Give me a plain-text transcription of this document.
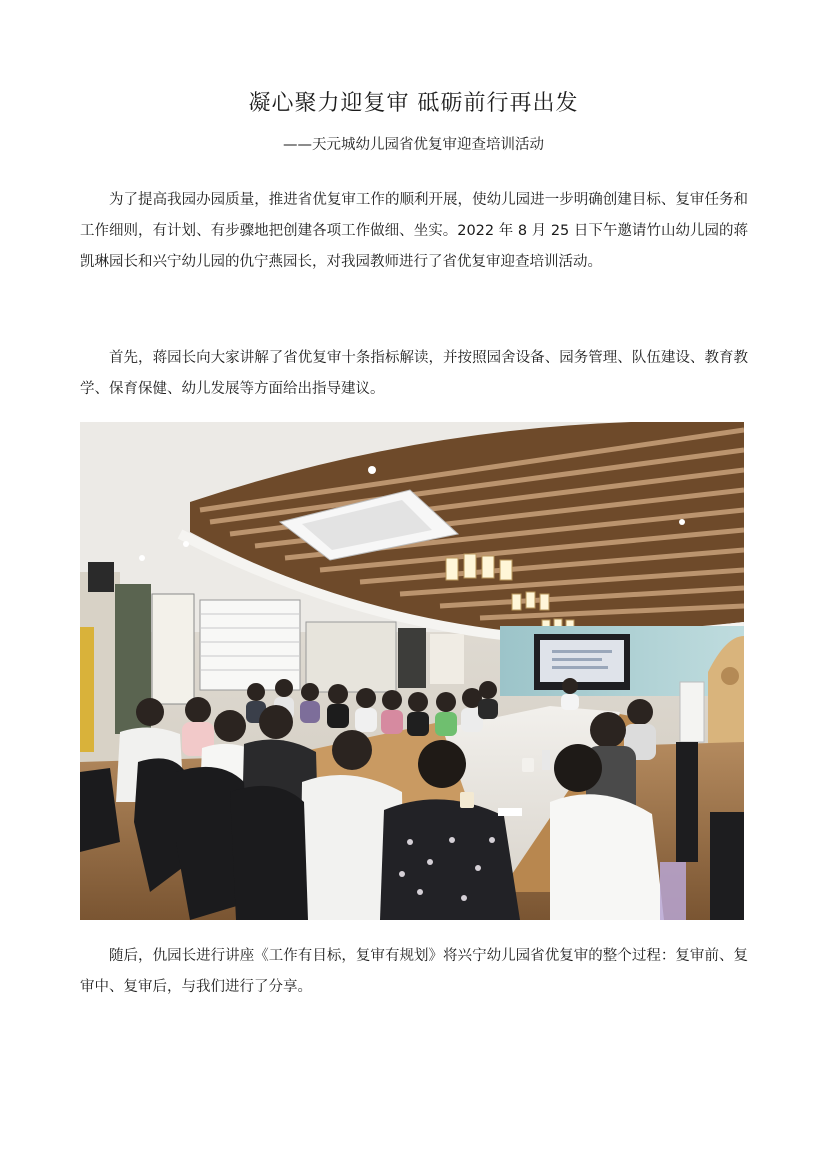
凝心聚力迎复审 砥砺前行再出发

——天元城幼儿园省优复审迎查培训活动

为了提高我园办园质量，推进省优复审工作的顺利开展，使幼儿园进一步明确创建目标、复审任务和工作细则，有计划、有步骤地把创建各项工作做细、坐实。2022 年 8 月 25 日下午邀请竹山幼儿园的蒋凯琳园长和兴宁幼儿园的仇宁燕园长，对我园教师进行了省优复审迎查培训活动。

首先，蒋园长向大家讲解了省优复审十条指标解读，并按照园舍设备、园务管理、队伍建设、教育教学、保育保健、幼儿发展等方面给出指导建议。

随后，仇园长进行讲座《工作有目标，复审有规划》将兴宁幼儿园省优复审的整个过程：复审前、复审中、复审后，与我们进行了分享。
